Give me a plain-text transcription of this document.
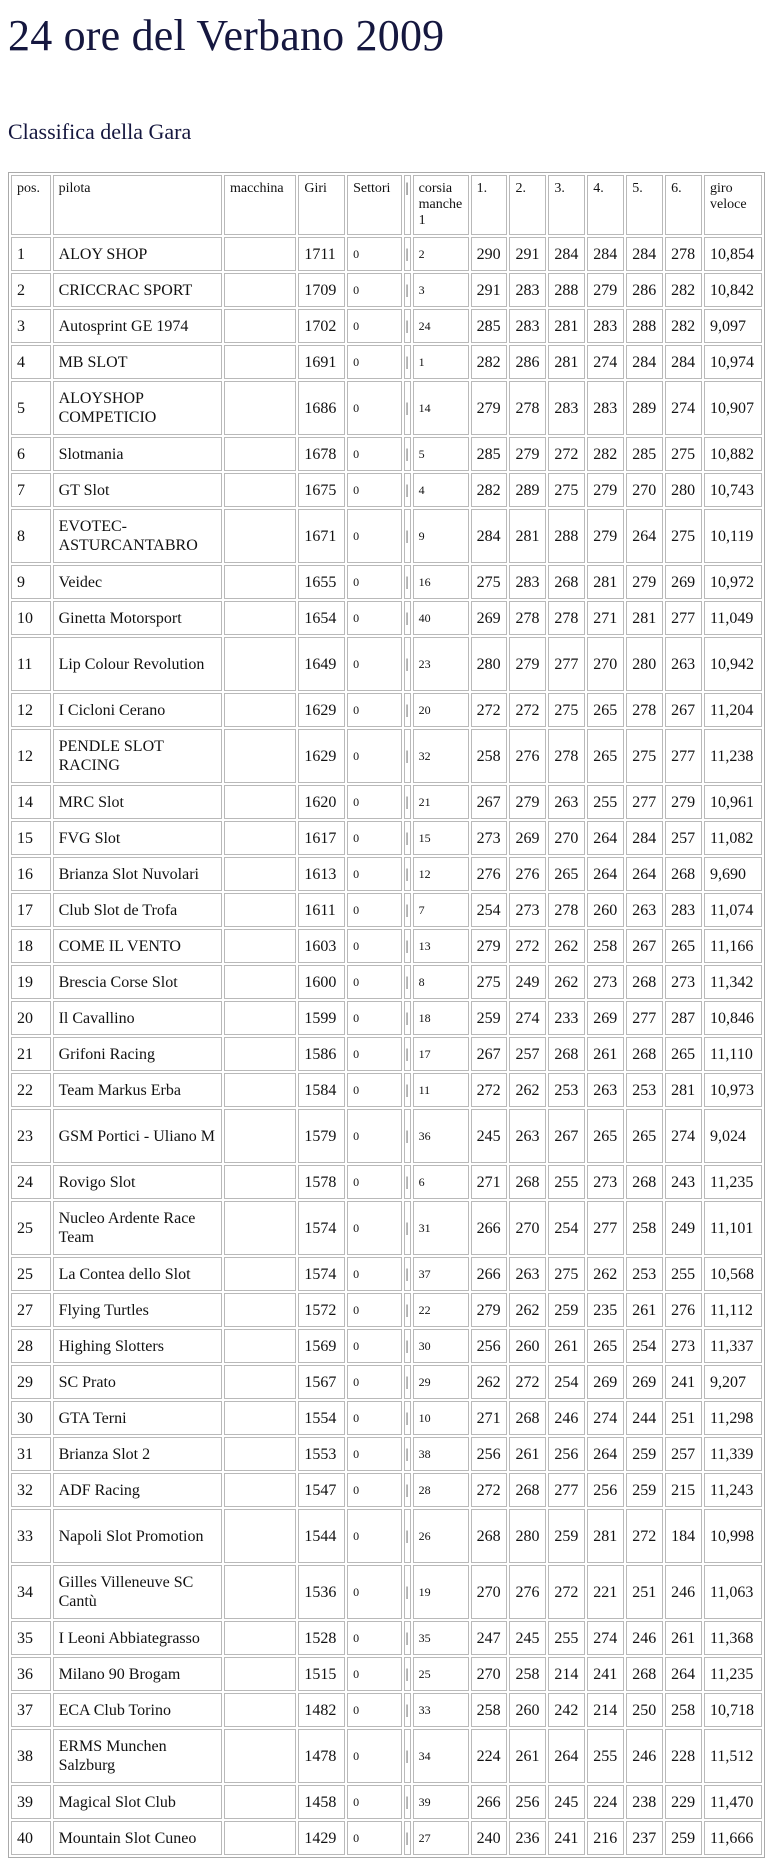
24 ore del Verbano 2009
Classifica della Gara
pos.	pilota	macchina	Giri	Settori	|	corsia manche 1	1.	2.	3.	4.	5.	6.	giro veloce
1	ALOY SHOP		1711	0	|	2	290	291	284	284	284	278	10,854
2	CRICCRAC SPORT		1709	0	|	3	291	283	288	279	286	282	10,842
3	Autosprint GE 1974		1702	0	|	24	285	283	281	283	288	282	9,097
4	MB SLOT		1691	0	|	1	282	286	281	274	284	284	10,974
5	ALOYSHOP COMPETICIO		1686	0	|	14	279	278	283	283	289	274	10,907
6	Slotmania		1678	0	|	5	285	279	272	282	285	275	10,882
7	GT Slot		1675	0	|	4	282	289	275	279	270	280	10,743
8	EVOTEC-ASTURCANTABRO		1671	0	|	9	284	281	288	279	264	275	10,119
9	Veidec		1655	0	|	16	275	283	268	281	279	269	10,972
10	Ginetta Motorsport		1654	0	|	40	269	278	278	271	281	277	11,049
11	Lip Colour Revolution		1649	0	|	23	280	279	277	270	280	263	10,942
12	I Cicloni Cerano		1629	0	|	20	272	272	275	265	278	267	11,204
12	PENDLE SLOT RACING		1629	0	|	32	258	276	278	265	275	277	11,238
14	MRC Slot		1620	0	|	21	267	279	263	255	277	279	10,961
15	FVG Slot		1617	0	|	15	273	269	270	264	284	257	11,082
16	Brianza Slot Nuvolari		1613	0	|	12	276	276	265	264	264	268	9,690
17	Club Slot de Trofa		1611	0	|	7	254	273	278	260	263	283	11,074
18	COME IL VENTO		1603	0	|	13	279	272	262	258	267	265	11,166
19	Brescia Corse Slot		1600	0	|	8	275	249	262	273	268	273	11,342
20	Il Cavallino		1599	0	|	18	259	274	233	269	277	287	10,846
21	Grifoni Racing		1586	0	|	17	267	257	268	261	268	265	11,110
22	Team Markus Erba		1584	0	|	11	272	262	253	263	253	281	10,973
23	GSM Portici - Uliano M		1579	0	|	36	245	263	267	265	265	274	9,024
24	Rovigo Slot		1578	0	|	6	271	268	255	273	268	243	11,235
25	Nucleo Ardente Race Team		1574	0	|	31	266	270	254	277	258	249	11,101
25	La Contea dello Slot		1574	0	|	37	266	263	275	262	253	255	10,568
27	Flying Turtles		1572	0	|	22	279	262	259	235	261	276	11,112
28	Highing Slotters		1569	0	|	30	256	260	261	265	254	273	11,337
29	SC Prato		1567	0	|	29	262	272	254	269	269	241	9,207
30	GTA Terni		1554	0	|	10	271	268	246	274	244	251	11,298
31	Brianza Slot 2		1553	0	|	38	256	261	256	264	259	257	11,339
32	ADF Racing		1547	0	|	28	272	268	277	256	259	215	11,243
33	Napoli Slot Promotion		1544	0	|	26	268	280	259	281	272	184	10,998
34	Gilles Villeneuve SC Cantù		1536	0	|	19	270	276	272	221	251	246	11,063
35	I Leoni Abbiategrasso		1528	0	|	35	247	245	255	274	246	261	11,368
36	Milano 90 Brogam		1515	0	|	25	270	258	214	241	268	264	11,235
37	ECA Club Torino		1482	0	|	33	258	260	242	214	250	258	10,718
38	ERMS Munchen Salzburg		1478	0	|	34	224	261	264	255	246	228	11,512
39	Magical Slot Club		1458	0	|	39	266	256	245	224	238	229	11,470
40	Mountain Slot Cuneo		1429	0	|	27	240	236	241	216	237	259	11,666
